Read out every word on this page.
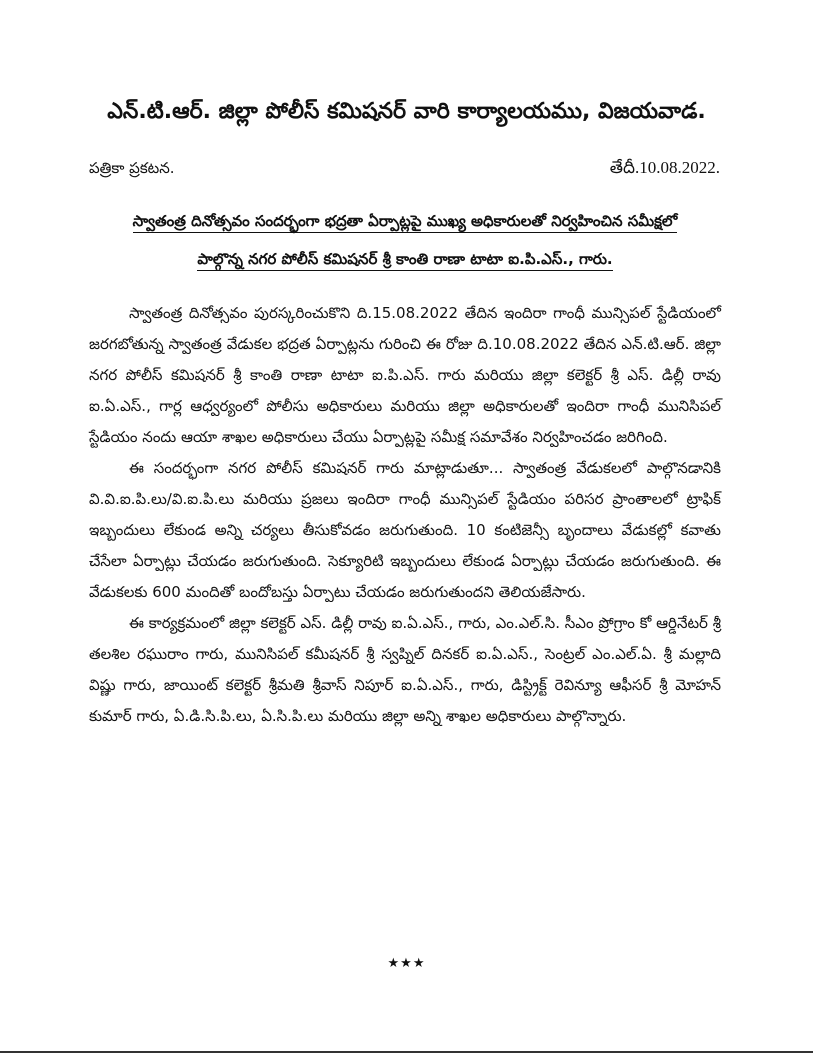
ఎన్.టి.ఆర్. జిల్లా పోలీస్ కమిషనర్ వారి కార్యాలయము, విజయవాడ.
పత్రికా ప్రకటన.	తేదీ.10.08.2022.
స్వాతంత్ర దినోత్సవం సందర్భంగా భద్రతా ఏర్పాట్లపై ముఖ్య అధికారులతో నిర్వహించిన సమీక్షలో
పాల్గొన్న నగర పోలీస్ కమిషనర్ శ్రీ కాంతి రాణా టాటా ఐ.పి.ఎస్., గారు.

స్వాతంత్ర దినోత్సవం పురస్కరించుకొని ది.15.08.2022 తేదిన ఇందిరా గాంధీ మున్సిపల్ స్టేడియంలో జరగబోతున్న స్వాతంత్ర వేడుకల భద్రత ఏర్పాట్లను గురించి ఈ రోజు ది.10.08.2022 తేదిన ఎన్.టి.ఆర్. జిల్లా నగర పోలీస్ కమిషనర్ శ్రీ కాంతి రాణా టాటా ఐ.పి.ఎస్. గారు మరియు జిల్లా కలెక్టర్ శ్రీ ఎస్. డిల్లీ రావు ఐ.ఏ.ఎస్., గార్ల ఆధ్వర్యంలో పోలీసు అధికారులు మరియు జిల్లా అధికారులతో ఇందిరా గాంధీ మునిసిపల్ స్టేడియం నందు ఆయా శాఖల అధికారులు చేయు ఏర్పాట్లపై సమీక్ష సమావేశం నిర్వహించడం జరిగింది.

ఈ సందర్భంగా నగర పోలీస్ కమిషనర్ గారు మాట్లాడుతూ... స్వాతంత్ర వేడుకలలో పాల్గొనడానికి వి.వి.ఐ.పి.లు/వి.ఐ.పి.లు మరియు ప్రజలు ఇందిరా గాంధీ మున్సిపల్ స్టేడియం పరిసర ప్రాంతాలలో ట్రాఫిక్ ఇబ్బందులు లేకుండ అన్ని చర్యలు తీసుకోవడం జరుగుతుంది. 10 కంటిజెన్సీ బృందాలు వేడుకల్లో కవాతు చేసేలా ఏర్పాట్లు చేయడం జరుగుతుంది. సెక్యూరిటి ఇబ్బందులు లేకుండ ఏర్పాట్లు చేయడం జరుగుతుంది. ఈ వేడుకలకు 600 మందితో బందోబస్తు ఏర్పాటు చేయడం జరుగుతుందని తెలియజేసారు.

ఈ కార్యక్రమంలో జిల్లా కలెక్టర్ ఎస్. డిల్లీ రావు ఐ.ఏ.ఎస్., గారు, ఎం.ఎల్.సి. సీఎం ప్రోగ్రాం కో ఆర్డినేటర్ శ్రీ తలశిల రఘురాం గారు, మునిసిపల్ కమీషనర్ శ్రీ స్వప్నిల్ దినకర్ ఐ.ఏ.ఎస్., సెంట్రల్ ఎం.ఎల్.ఏ. శ్రీ మల్లాది విష్ణు గారు, జాయింట్ కలెక్టర్ శ్రీమతి శ్రీవాస్ నిపూర్ ఐ.ఏ.ఎస్., గారు, డిస్ట్రిక్ట్ రెవిన్యూ ఆఫీసర్ శ్రీ మోహన్ కుమార్ గారు, ఏ.డి.సి.పి.లు, ఏ.సి.పి.లు మరియు జిల్లా అన్ని శాఖల అధికారులు పాల్గొన్నారు.

★★★
